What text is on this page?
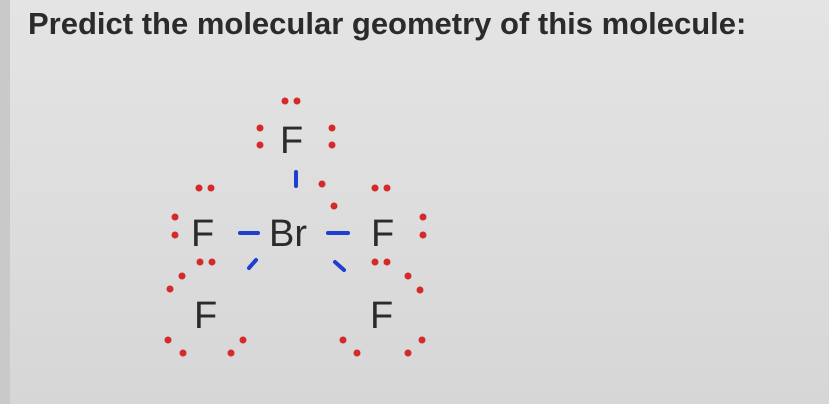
Predict the molecular geometry of this molecule:
F
F Br F
F	F
